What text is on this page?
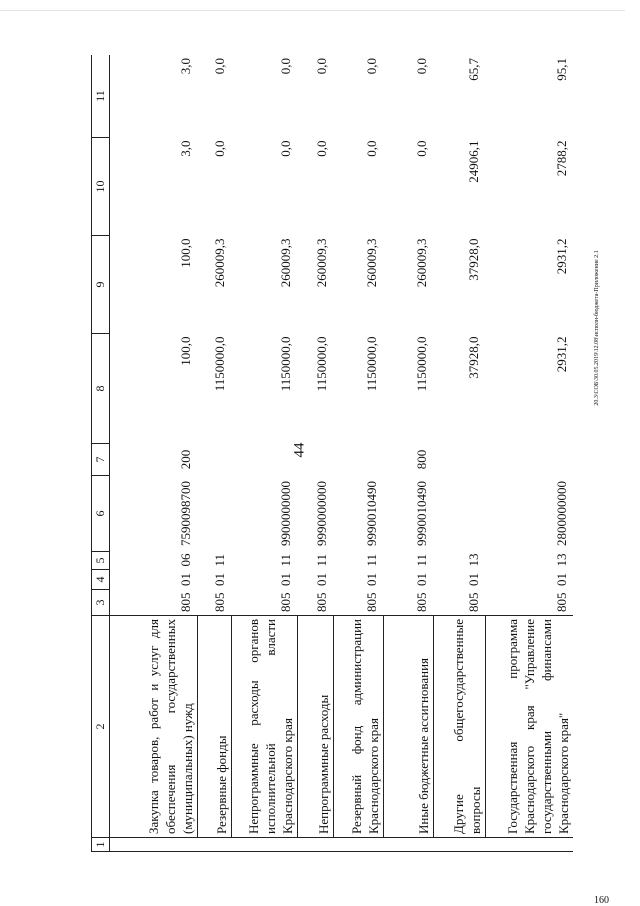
44
20.3\СОБ\30.05.2019\12.08\исполн-бюджета-Приложение 2.1
160
1	2	3	4	5	6	7	8	9	10	11
	Закупка товаров, работ и услуг для обеспечения государственных (муниципальных) нужд	805	01	06	7590098700	200	100,0	100,0	3,0	3,0
	Резервные фонды	805	01	11			1150000,0	260009,3	0,0	0,0
	Непрограммные расходы органов исполнительной власти Краснодарского края	805	01	11	9900000000		1150000,0	260009,3	0,0	0,0
	Непрограммные расходы	805	01	11	9990000000		1150000,0	260009,3	0,0	0,0
	Резервный фонд администрации Краснодарского края	805	01	11	9990010490		1150000,0	260009,3	0,0	0,0
	Иные бюджетные ассигнования	805	01	11	9990010490	800	1150000,0	260009,3	0,0	0,0
	Другие общегосударственные вопросы	805	01	13			37928,0	37928,0	24906,1	65,7
	Государственная программа Краснодарского края "Управление государственными финансами Краснодарского края"	805	01	13	2800000000		2931,2	2931,2	2788,2	95,1
